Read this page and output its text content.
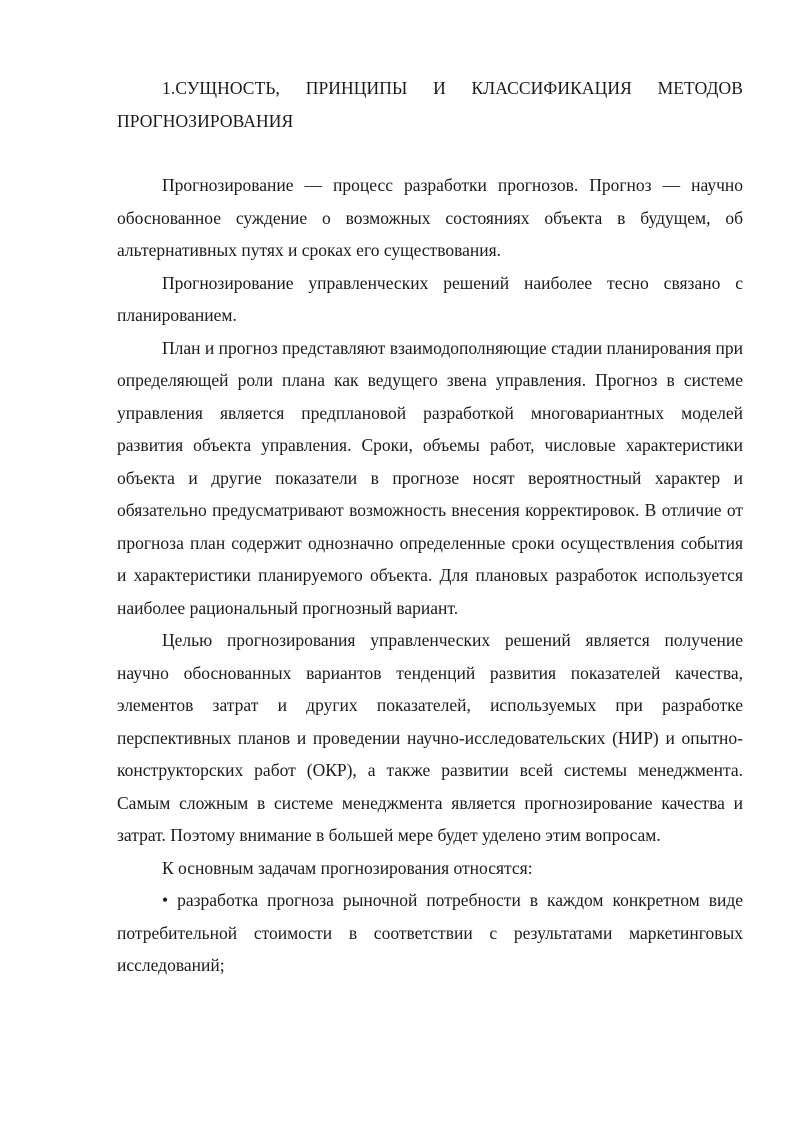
1.СУЩНОСТЬ, ПРИНЦИПЫ И КЛАССИФИКАЦИЯ МЕТОДОВ ПРОГНОЗИРОВАНИЯ

Прогнозирование — процесс разработки прогнозов. Прогноз — научно обоснованное суждение о возможных состояниях объекта в будущем, об альтернативных путях и сроках его существования.

Прогнозирование управленческих решений наиболее тесно связано с планированием.

План и прогноз представляют взаимодополняющие стадии планирования при определяющей роли плана как ведущего звена управления. Прогноз в системе управления является предплановой разработкой многовариантных моделей развития объекта управления. Сроки, объемы работ, числовые характеристики объекта и другие показатели в прогнозе носят вероятностный характер и обязательно предусматривают возможность внесения корректировок. В отличие от прогноза план содержит однозначно определенные сроки осуществления события и характеристики планируемого объекта. Для плановых разработок используется наиболее рациональный прогнозный вариант.

Целью прогнозирования управленческих решений является получение научно обоснованных вариантов тенденций развития показателей качества, элементов затрат и других показателей, используемых при разработке перспективных планов и проведении научно-исследовательских (НИР) и опытно-конструкторских работ (ОКР), а также развитии всей системы менеджмента. Самым сложным в системе менеджмента является прогнозирование качества и затрат. Поэтому внимание в большей мере будет уделено этим вопросам.

К основным задачам прогнозирования относятся:

• разработка прогноза рыночной потребности в каждом конкретном виде потребительной стоимости в соответствии с результатами маркетинговых исследований;
